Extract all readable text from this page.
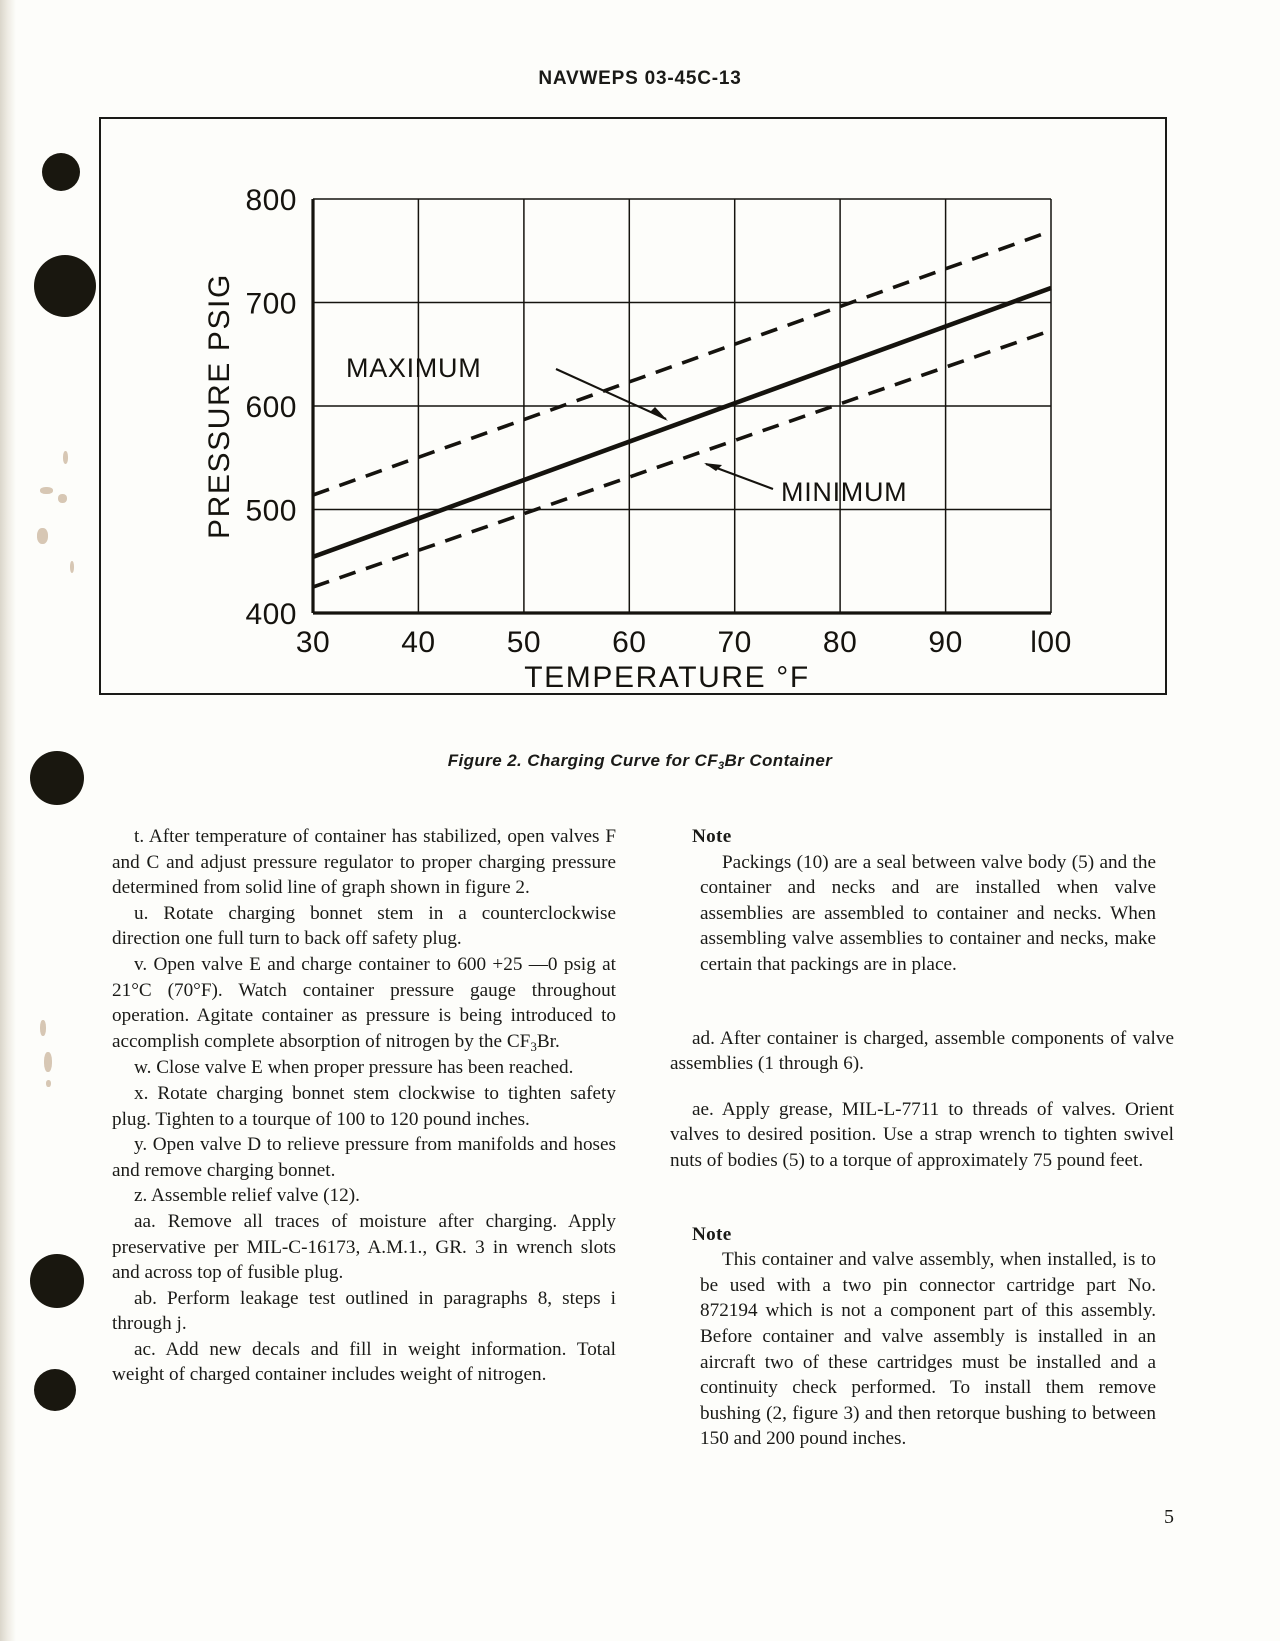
NAVWEPS 03-45C-13
MAXIMUM
MINIMUM
800
700
600
500
400
30 40 50 60 70 80 90 l00
TEMPERATURE °F
PRESSURE PSIG
Figure 2. Charging Curve for $CF_3Br$ Container

t. After temperature of container has stabilized, open valves F and C and adjust pressure regulator to proper charging pressure determined from solid line of graph shown in figure 2.

u. Rotate charging bonnet stem in a counterclockwise direction one full turn to back off safety plug.

v. Open valve E and charge container to 600 +25 —0 psig at 21°C (70°F). Watch container pressure gauge throughout operation. Agitate container as pressure is being introduced to accomplish complete absorption of nitrogen by the $CF_3Br$.

w. Close valve E when proper pressure has been reached.

x. Rotate charging bonnet stem clockwise to tighten safety plug. Tighten to a tourque of 100 to 120 pound inches.

y. Open valve D to relieve pressure from manifolds and hoses and remove charging bonnet.

z. Assemble relief valve (12).

aa. Remove all traces of moisture after charging. Apply preservative per MIL-C-16173, A.M.1., GR. 3 in wrench slots and across top of fusible plug.

ab. Perform leakage test outlined in paragraphs 8, steps i through j.

ac. Add new decals and fill in weight information. Total weight of charged container includes weight of nitrogen.

Note

Packings (10) are a seal between valve body (5) and the container and necks and are installed when valve assemblies are assembled to container and necks. When assembling valve assemblies to container and necks, make certain that packings are in place.

ad. After container is charged, assemble components of valve assemblies (1 through 6).

ae. Apply grease, MIL-L-7711 to threads of valves. Orient valves to desired position. Use a strap wrench to tighten swivel nuts of bodies (5) to a torque of approximately 75 pound feet.

Note

This container and valve assembly, when installed, is to be used with a two pin connector cartridge part No. 872194 which is not a component part of this assembly. Before container and valve assembly is installed in an aircraft two of these cartridges must be installed and a continuity check performed. To install them remove bushing (2, figure 3) and then retorque bushing to between 150 and 200 pound inches.

5
